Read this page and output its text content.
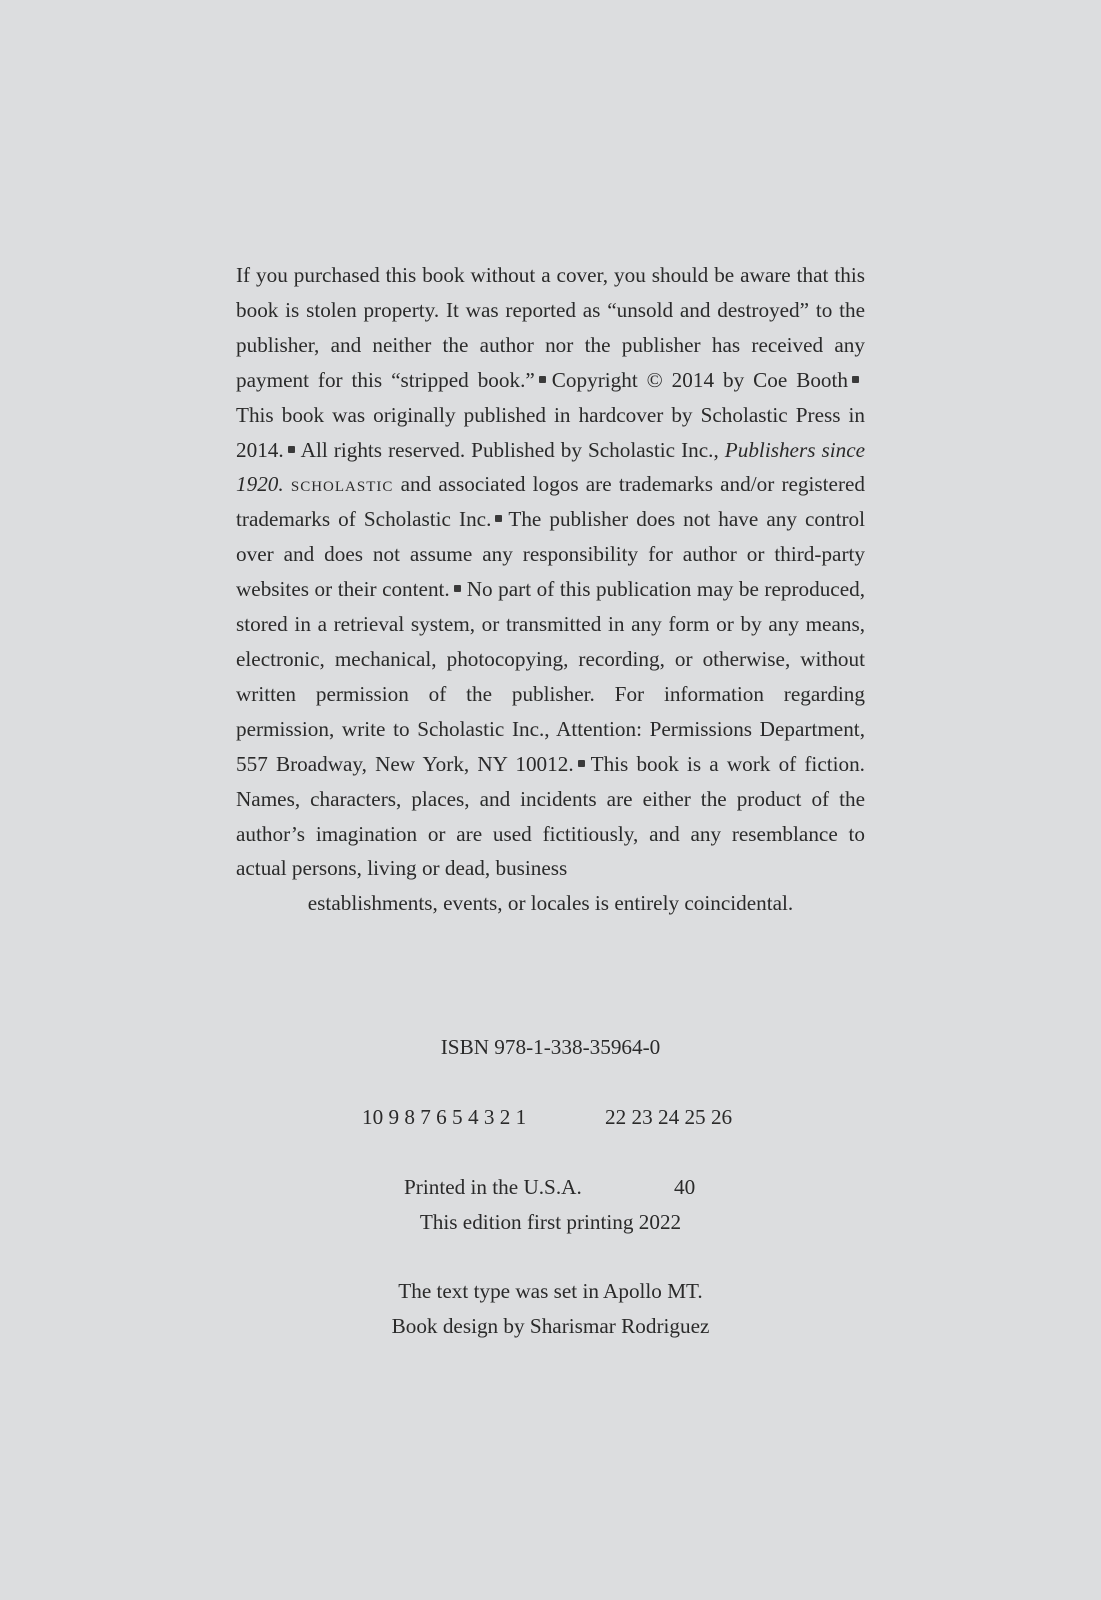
If you purchased this book without a cover, you should be aware that this book is stolen property. It was reported as “unsold and destroyed” to the publisher, and neither the author nor the publisher has received any payment for this “stripped book.” Copyright © 2014 by Coe BoothThis book was originally published in hardcover by Scholastic Press in 2014. All rights reserved. Published by Scholastic Inc., Publishers since 1920. scholastic and associated logos are trademarks and/or registered trademarks of Scholastic Inc. The publisher does not have any control over and does not assume any responsibility for author or third-party websites or their content. No part of this publication may be reproduced, stored in a retrieval system, or transmitted in any form or by any means, electronic, mechanical, photocopying, recording, or otherwise, without written permission of the publisher. For information regarding permission, write to Scholastic Inc., Attention: Permissions Department, 557 Broadway, New York, NY 10012. This book is a work of fiction. Names, characters, places, and incidents are either the product of the author’s imagination or are used fictitiously, and any resemblance to actual persons, living or dead, business
establishments, events, or locales is entirely coincidental.

ISBN 978-1-338-35964-0
10 9 8 7 6 5 4 3 2 1	22 23 24 25 26
Printed in the U.S.A.	40
This edition first printing 2022
The text type was set in Apollo MT.
Book design by Sharismar Rodriguez
